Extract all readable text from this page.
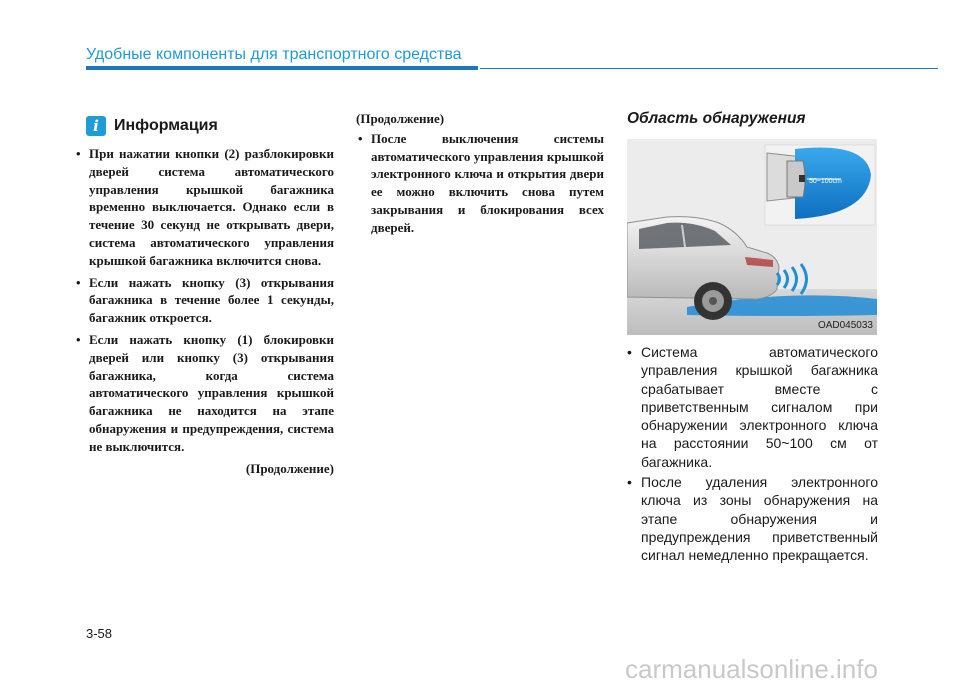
Удобные компоненты для транспортного средства
i Информация
• При нажатии кнопки (2) разблокировки дверей система автоматического управления крышкой багажника временно выключается. Однако если в течение 30 секунд не открывать двери, система автоматического управления крышкой багажника включится снова.
• Если нажать кнопку (3) открывания багажника в течение более 1 секунды, багажник откроется.
• Если нажать кнопку (1) блокировки дверей или кнопку (3) открывания багажника, когда система автоматического управления крышкой багажника не находится на этапе обнаружения и предупреждения, система не выключится.
(Продолжение)
(Продолжение)
• После выключения системы автоматического управления крышкой электронного ключа и открытия двери ее можно включить снова путем закрывания и блокирования всех дверей.
Область обнаружения
50~100cm
OAD045033
• Система автоматического управления крышкой багажника срабатывает вместе с приветственным сигналом при обнаружении электронного ключа на расстоянии 50~100 см от багажника.
• После удаления электронного ключа из зоны обнаружения на этапе обнаружения и предупреждения приветственный сигнал немедленно прекращается.
3-58
carmanualsonline.info
